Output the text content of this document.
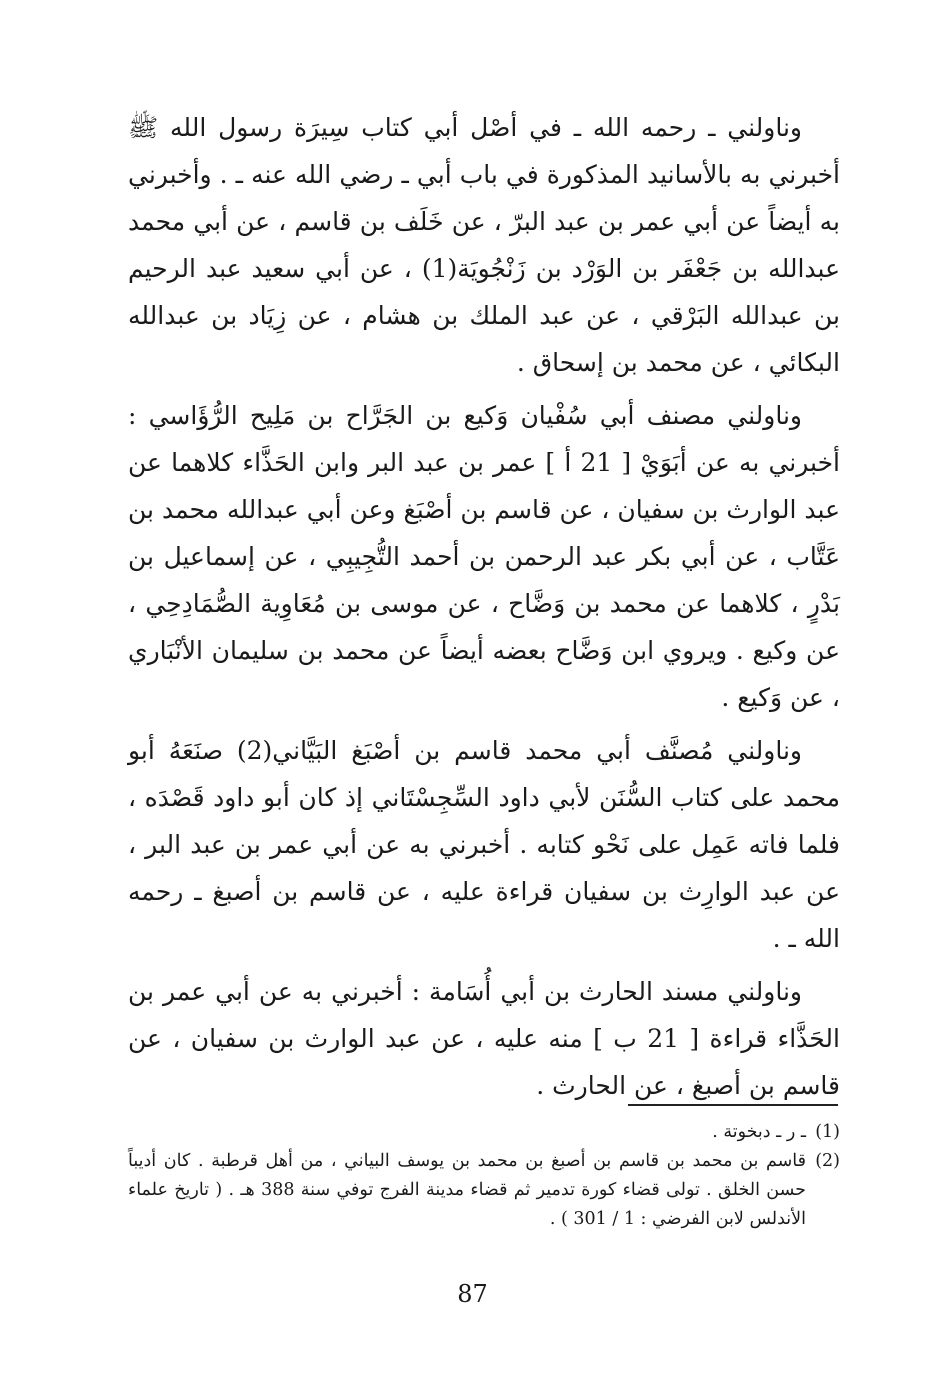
وناولني ـ رحمه الله ـ في أصْل أبي كتاب سِيرَة رسول الله ﷺ أخبرني به بالأسانيد المذكورة في باب أبي ـ رضي الله عنه ـ . وأخبرني به أيضاً عن أبي عمر بن عبد البرّ ، عن خَلَف بن قاسم ، عن أبي محمد عبدالله بن جَعْفَر بن الوَرْد بن زَنْجُويَة(1) ، عن أبي سعيد عبد الرحيم بن عبدالله البَرْقي ، عن عبد الملك بن هشام ، عن زِيَاد بن عبدالله البكائي ، عن محمد بن إسحاق .

وناولني مصنف أبي سُفْيان وَكيع بن الجَرَّاح بن مَلِيح الرُّؤَاسي : أخبرني به عن أبَوَيْ [ 21 أ ] عمر بن عبد البر وابن الحَذَّاء كلاهما عن عبد الوارث بن سفيان ، عن قاسم بن أصْبَغ وعن أبي عبدالله محمد بن عَتَّاب ، عن أبي بكر عبد الرحمن بن أحمد التُّجِيبِي ، عن إسماعيل بن بَدْرٍ ، كلاهما عن محمد بن وَضَّاح ، عن موسى بن مُعَاوِية الصُّمَادِحِي ، عن وكيع . ويروي ابن وَضَّاح بعضه أيضاً عن محمد بن سليمان الأنْبَاري ، عن وَكيع .

وناولني مُصنَّف أبي محمد قاسم بن أصْبَغ البَيَّاني(2) صنَعَهُ أبو محمد على كتاب السُّنَن لأبي داود السِّجِسْتَاني إذ كان أبو داود قَصْدَه ، فلما فاته عَمِل على نَحْو كتابه . أخبرني به عن أبي عمر بن عبد البر ، عن عبد الوارِث بن سفيان قراءة عليه ، عن قاسم بن أصبغ ـ رحمه الله ـ .

وناولني مسند الحارث بن أبي أُسَامة : أخبرني به عن أبي عمر بن الحَذَّاء قراءة [ 21 ب ] منه عليه ، عن عبد الوارث بن سفيان ، عن قاسم بن أصبغ ، عن الحارث .

(1)
ـ ر ـ دبخوتة .

(2)
قاسم بن محمد بن قاسم بن أصبغ بن محمد بن يوسف البياني ، من أهل قرطبة . كان أديباً حسن الخلق . تولى قضاء كورة تدمير ثم قضاء مدينة الفرج توفي سنة 388 هـ . ( تاريخ علماء الأندلس لابن الفرضي : 1 / 301 ) .

87
